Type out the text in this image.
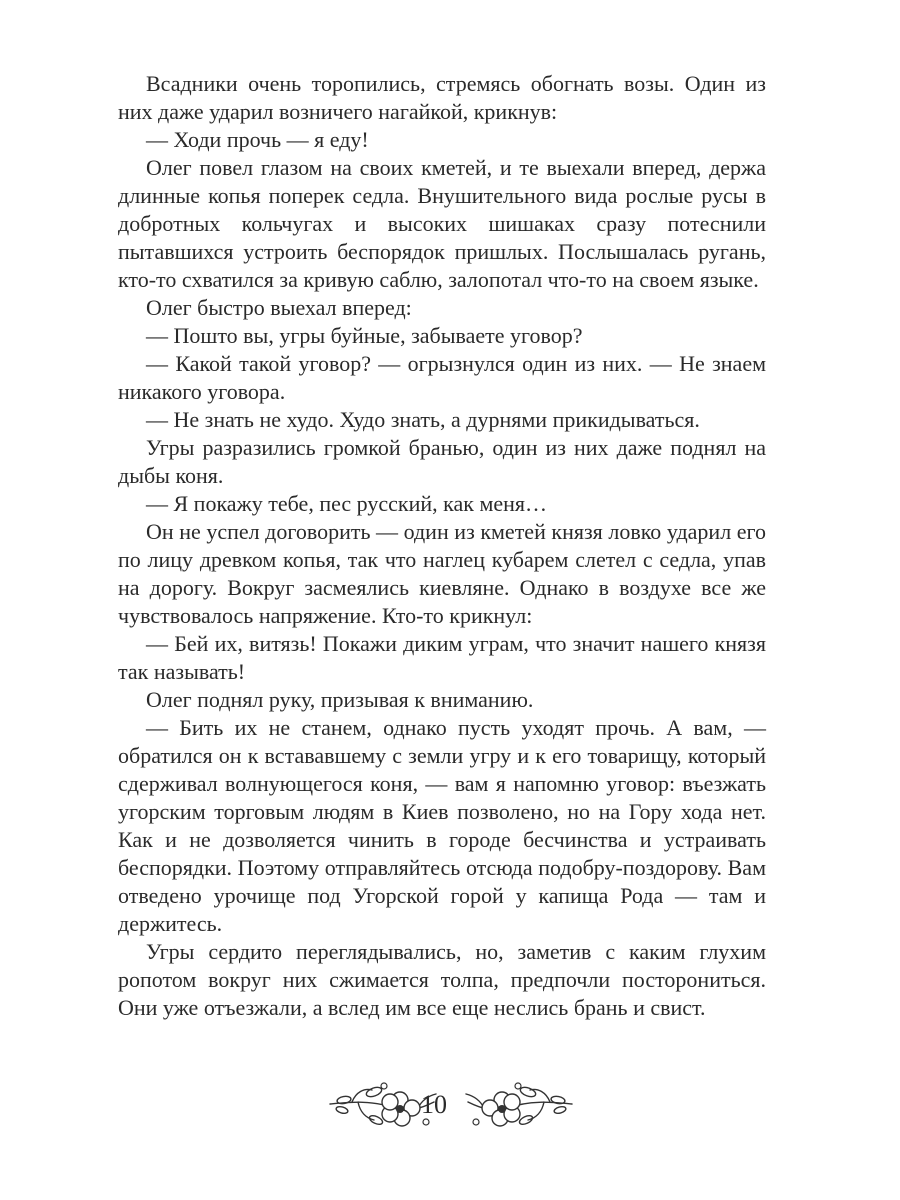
Всадники очень торопились, стремясь обогнать возы. Один из них даже ударил возничего нагайкой, крикнув:

— Ходи прочь — я еду!

Олег повел глазом на своих кметей, и те выехали вперед, держа длинные копья поперек седла. Внушительного вида рослые русы в добротных кольчугах и высоких шишаках сразу потеснили пытавшихся устроить беспорядок пришлых. Послышалась ругань, кто-то схватился за кривую саблю, залопотал что-то на своем языке.

Олег быстро выехал вперед:

— Пошто вы, угры буйные, забываете уговор?

— Какой такой уговор? — огрызнулся один из них. — Не знаем никакого уговора.

— Не знать не худо. Худо знать, а дурнями прикидываться.

Угры разразились громкой бранью, один из них даже поднял на дыбы коня.

— Я покажу тебе, пес русский, как меня…

Он не успел договорить — один из кметей князя ловко ударил его по лицу древком копья, так что наглец кубарем слетел с седла, упав на дорогу. Вокруг засмеялись киевляне. Однако в воздухе все же чувствовалось напряжение. Кто-то крикнул:

— Бей их, витязь! Покажи диким уграм, что значит нашего князя так называть!

Олег поднял руку, призывая к вниманию.

— Бить их не станем, однако пусть уходят прочь. А вам, — обратился он к встававшему с земли угру и к его товарищу, который сдерживал волнующегося коня, — вам я напомню уговор: въезжать угорским торговым людям в Киев позволено, но на Гору хода нет. Как и не дозволяется чинить в городе бесчинства и устраивать беспорядки. Поэтому отправляйтесь отсюда подобру-поздорову. Вам отведено урочище под Угорской горой у капища Рода — там и держитесь.

Угры сердито переглядывались, но, заметив с каким глухим ропотом вокруг них сжимается толпа, предпочли посторониться. Они уже отъезжали, а вслед им все еще неслись брань и свист.

10
